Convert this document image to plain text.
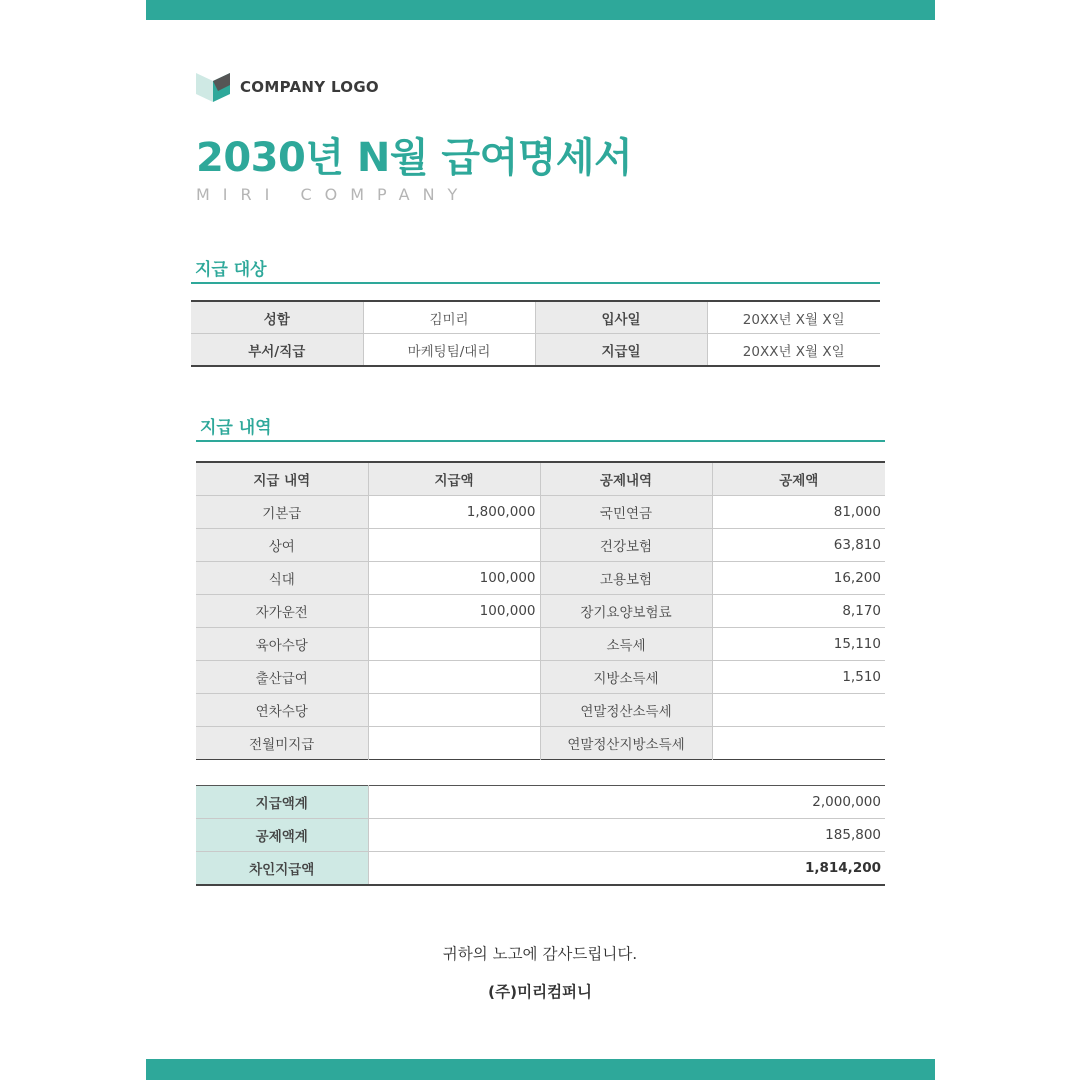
COMPANY LOGO
2030년 N월 급여명세서
MIRI COMPANY
지급 대상
성함	김미리	입사일	20XX년 X월 X일
부서/직급	마케팅팀/대리	지급일	20XX년 X월 X일
지급 내역
지급 내역	지급액	공제내역	공제액
기본급	1,800,000	국민연금	81,000
상여		건강보험	63,810
식대	100,000	고용보험	16,200
자가운전	100,000	장기요양보험료	8,170
육아수당		소득세	15,110
출산급여		지방소득세	1,510
연차수당		연말정산소득세	
전월미지급		연말정산지방소득세	
지급액계	2,000,000
공제액계	185,800
차인지급액	1,814,200
귀하의 노고에 감사드립니다.
(주)미리컴퍼니
